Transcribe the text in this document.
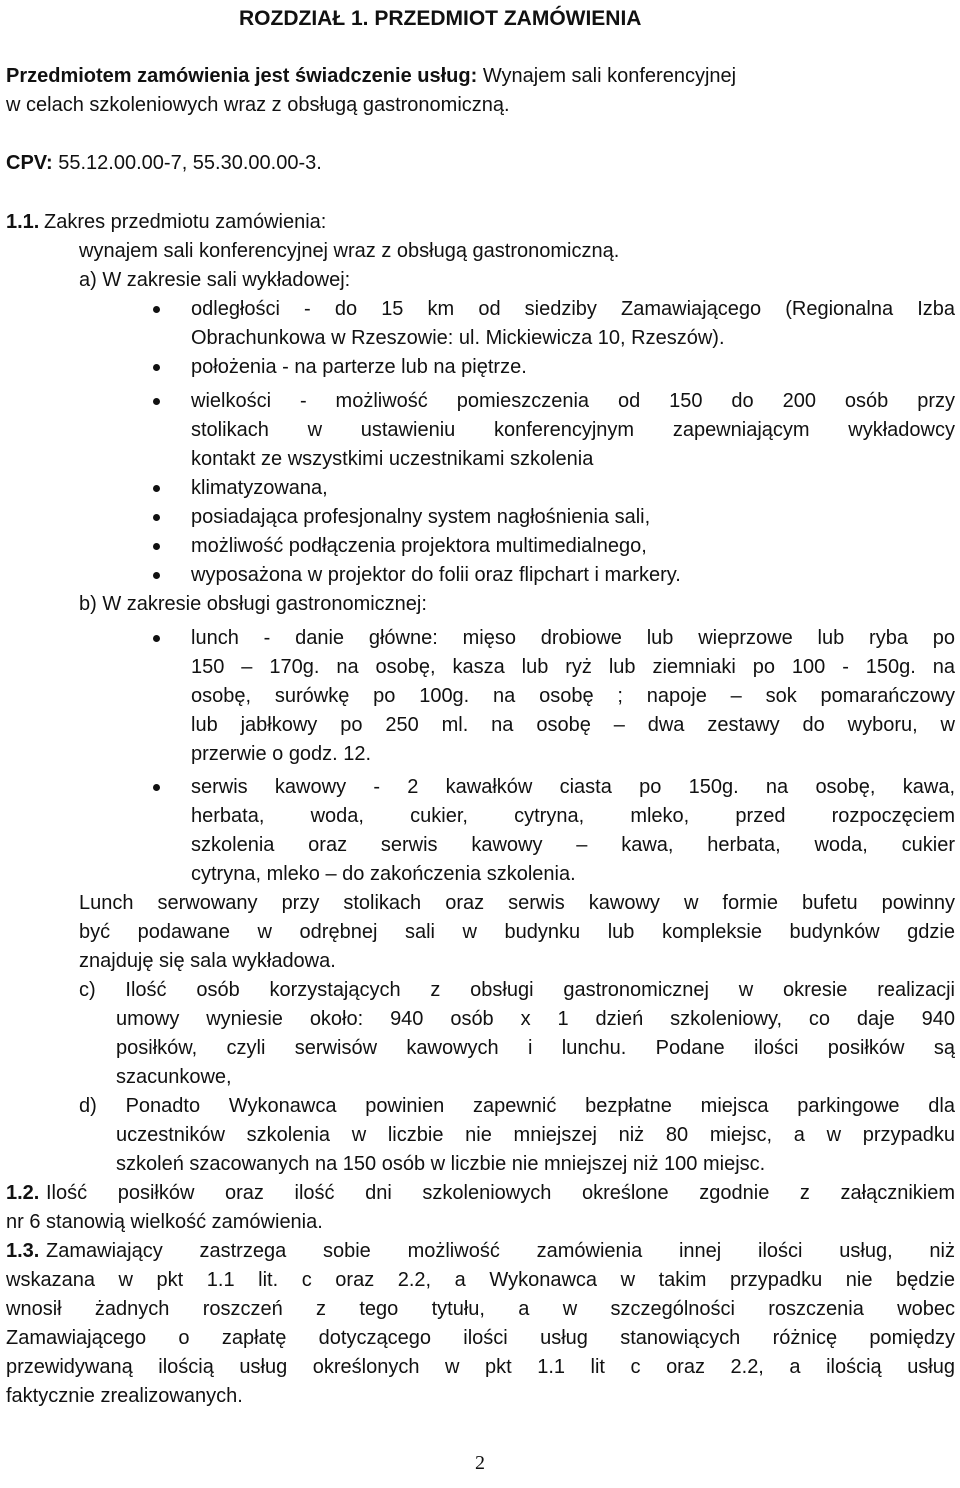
ROZDZIAŁ 1. PRZEDMIOT ZAMÓWIENIA
Przedmiotem zamówienia jest świadczenie usług: Wynajem sali konferencyjnej
w celach szkoleniowych wraz z obsługą gastronomiczną.
CPV: 55.12.00.00-7, 55.30.00.00-3.
1.1. Zakres przedmiotu zamówienia:
wynajem sali konferencyjnej wraz z obsługą gastronomiczną.
a) W zakresie sali wykładowej:
odległości - do 15 km od siedziby Zamawiającego (Regionalna Izba
Obrachunkowa w Rzeszowie: ul. Mickiewicza 10, Rzeszów).
położenia - na parterze lub na piętrze.
wielkości - możliwość pomieszczenia od 150 do 200 osób przy
stolikach w ustawieniu konferencyjnym zapewniającym wykładowcy
kontakt ze wszystkimi uczestnikami szkolenia
klimatyzowana,
posiadająca profesjonalny system nagłośnienia sali,
możliwość podłączenia projektora multimedialnego,
wyposażona w projektor do folii oraz flipchart i markery.
b) W zakresie obsługi gastronomicznej:
lunch - danie główne: mięso drobiowe lub wieprzowe lub ryba po
150 – 170g. na osobę, kasza lub ryż lub ziemniaki po 100 - 150g. na
osobę, surówkę po 100g. na osobę ; napoje – sok pomarańczowy
lub jabłkowy po 250 ml. na osobę – dwa zestawy do wyboru, w
przerwie o godz. 12.
serwis kawowy - 2 kawałków ciasta po 150g. na osobę, kawa,
herbata, woda, cukier, cytryna, mleko, przed rozpoczęciem
szkolenia oraz serwis kawowy – kawa, herbata, woda, cukier
cytryna, mleko – do zakończenia szkolenia.
Lunch serwowany przy stolikach oraz serwis kawowy w formie bufetu powinny
być podawane w odrębnej sali w budynku lub kompleksie budynków gdzie
znajduję się sala wykładowa.
c) Ilość osób korzystających z obsługi gastronomicznej w okresie realizacji
umowy wyniesie około: 940 osób x 1 dzień szkoleniowy, co daje 940
posiłków, czyli serwisów kawowych i lunchu. Podane ilości posiłków są
szacunkowe,
d) Ponadto Wykonawca powinien zapewnić bezpłatne miejsca parkingowe dla
uczestników szkolenia w liczbie nie mniejszej niż 80 miejsc, a w przypadku
szkoleń szacowanych na 150 osób w liczbie nie mniejszej niż 100 miejsc.
1.2. Ilość posiłków oraz ilość dni szkoleniowych określone zgodnie z załącznikiem
nr 6 stanowią wielkość zamówienia.
1.3. Zamawiający zastrzega sobie możliwość zamówienia innej ilości usług, niż
wskazana w pkt 1.1 lit. c oraz 2.2, a Wykonawca w takim przypadku nie będzie
wnosił żadnych roszczeń z tego tytułu, a w szczególności roszczenia wobec
Zamawiającego o zapłatę dotyczącego ilości usług stanowiących różnicę pomiędzy
przewidywaną ilością usług określonych w pkt 1.1 lit c oraz 2.2, a ilością usług
faktycznie zrealizowanych.
2
